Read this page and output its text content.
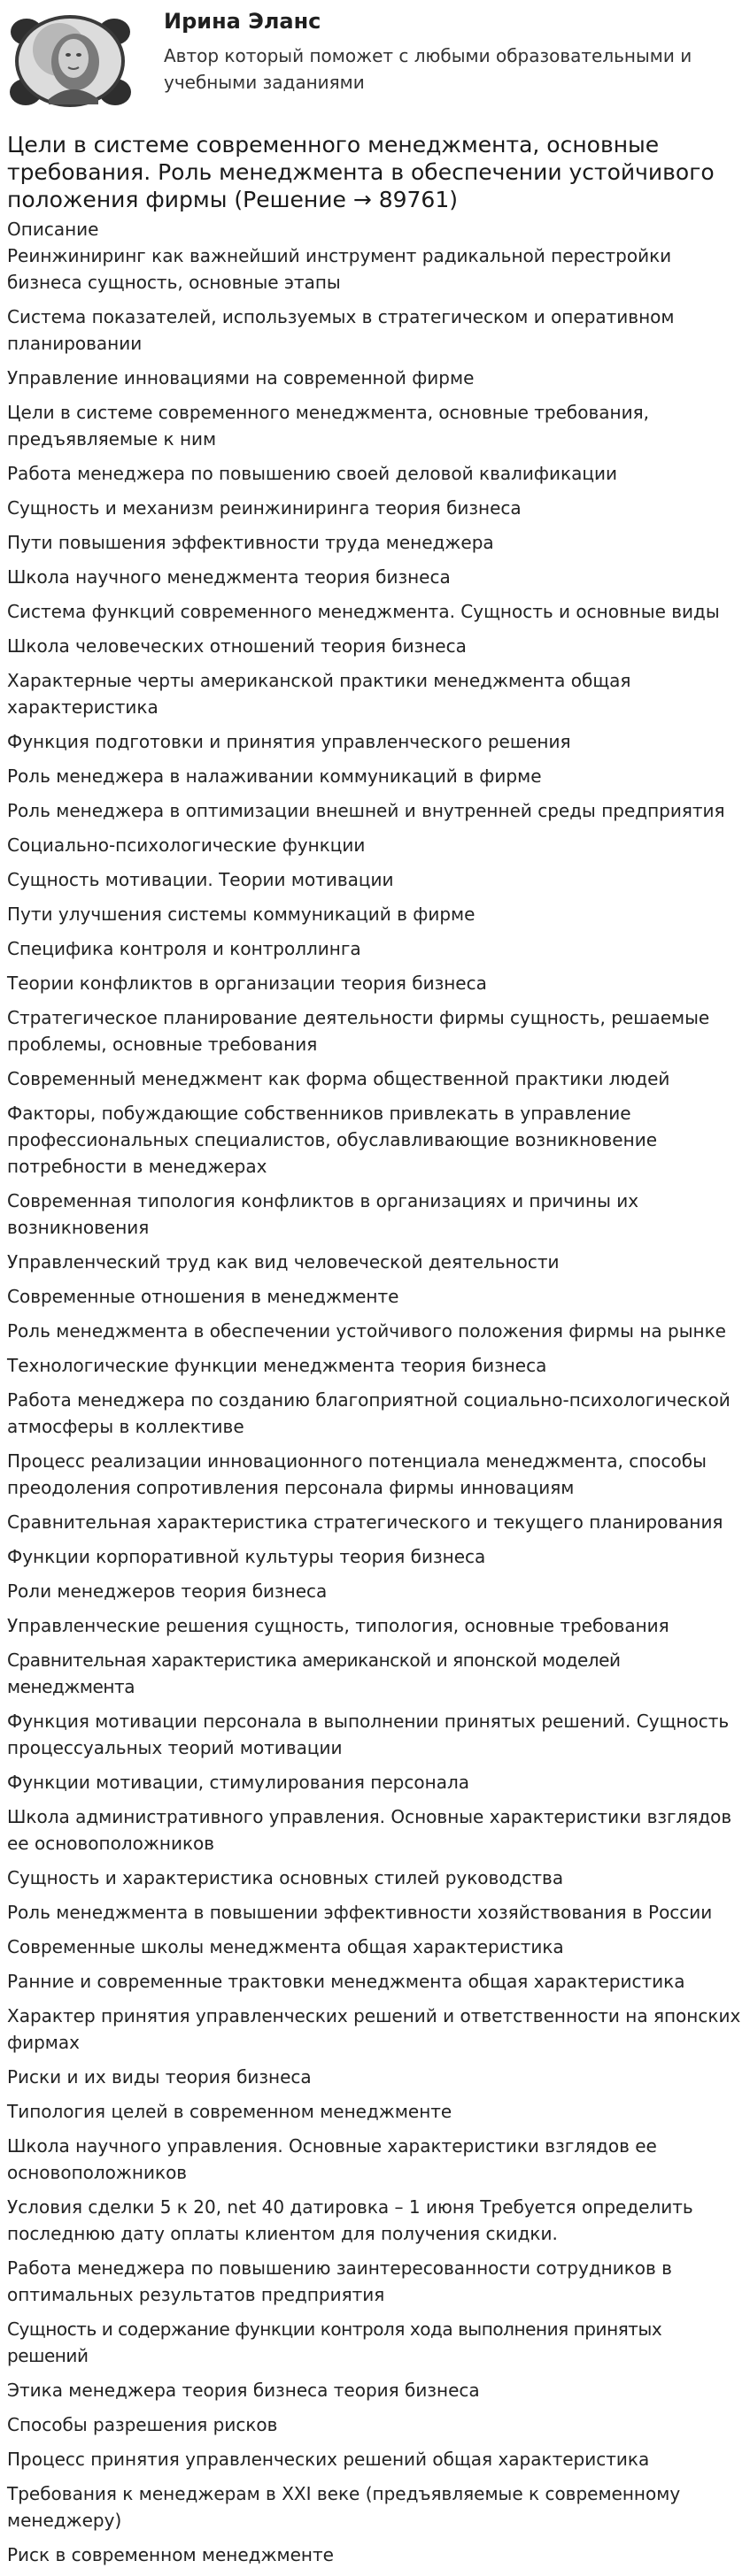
Ирина Эланс
Автор который поможет с любыми образовательными и учебными заданиями
Цели в системе современного менеджмента, основные требования. Роль менеджмента в обеспечении устойчивого положения фирмы (Решение → 89761)
Описание
Реинжиниринг как важнейший инструмент радикальной перестройки бизнеса сущность, основные этапы
Система показателей, используемых в стратегическом и оперативном планировании
Управление инновациями на современной фирме
Цели в системе современного менеджмента, основные требования, предъявляемые к ним
Работа менеджера по повышению своей деловой квалификации
Сущность и механизм реинжиниринга теория бизнеса
Пути повышения эффективности труда менеджера
Школа научного менеджмента теория бизнеса
Система функций современного менеджмента. Сущность и основные виды
Школа человеческих отношений теория бизнеса
Характерные черты американской практики менеджмента общая характеристика
Функция подготовки и принятия управленческого решения
Роль менеджера в налаживании коммуникаций в фирме
Роль менеджера в оптимизации внешней и внутренней среды предприятия
Социально-психологические функции
Сущность мотивации. Теории мотивации
Пути улучшения системы коммуникаций в фирме
Специфика контроля и контроллинга
Теории конфликтов в организации теория бизнеса
Стратегическое планирование деятельности фирмы сущность, решаемые проблемы, основные требования
Современный менеджмент как форма общественной практики людей
Факторы, побуждающие собственников привлекать в управление профессиональных специалистов, обуславливающие возникновение потребности в менеджерах
Современная типология конфликтов в организациях и причины их возникновения
Управленческий труд как вид человеческой деятельности
Современные отношения в менеджменте
Роль менеджмента в обеспечении устойчивого положения фирмы на рынке
Технологические функции менеджмента теория бизнеса
Работа менеджера по созданию благоприятной социально-психологической атмосферы в коллективе
Процесс реализации инновационного потенциала менеджмента, способы преодоления сопротивления персонала фирмы инновациям
Сравнительная характеристика стратегического и текущего планирования
Функции корпоративной культуры теория бизнеса
Роли менеджеров теория бизнеса
Управленческие решения сущность, типология, основные требования
Сравнительная характеристика американской и японской моделей менеджмента
Функция мотивации персонала в выполнении принятых решений. Сущность процессуальных теорий мотивации
Функции мотивации, стимулирования персонала
Школа административного управления. Основные характеристики взглядов ее основоположников
Сущность и характеристика основных стилей руководства
Роль менеджмента в повышении эффективности хозяйствования в России
Современные школы менеджмента общая характеристика
Ранние и современные трактовки менеджмента общая характеристика
Характер принятия управленческих решений и ответственности на японских фирмах
Риски и их виды теория бизнеса
Типология целей в современном менеджменте
Школа научного управления. Основные характеристики взглядов ее основоположников
Условия сделки 5 к 20, net 40 датировка – 1 июня Требуется определить последнюю дату оплаты клиентом для получения скидки.
Работа менеджера по повышению заинтересованности сотрудников в оптимальных результатов предприятия
Сущность и содержание функции контроля хода выполнения принятых решений
Этика менеджера теория бизнеса теория бизнеса
Способы разрешения рисков
Процесс принятия управленческих решений общая характеристика
Требования к менеджерам в XXI веке (предъявляемые к современному менеджеру)
Риск в современном менеджменте
